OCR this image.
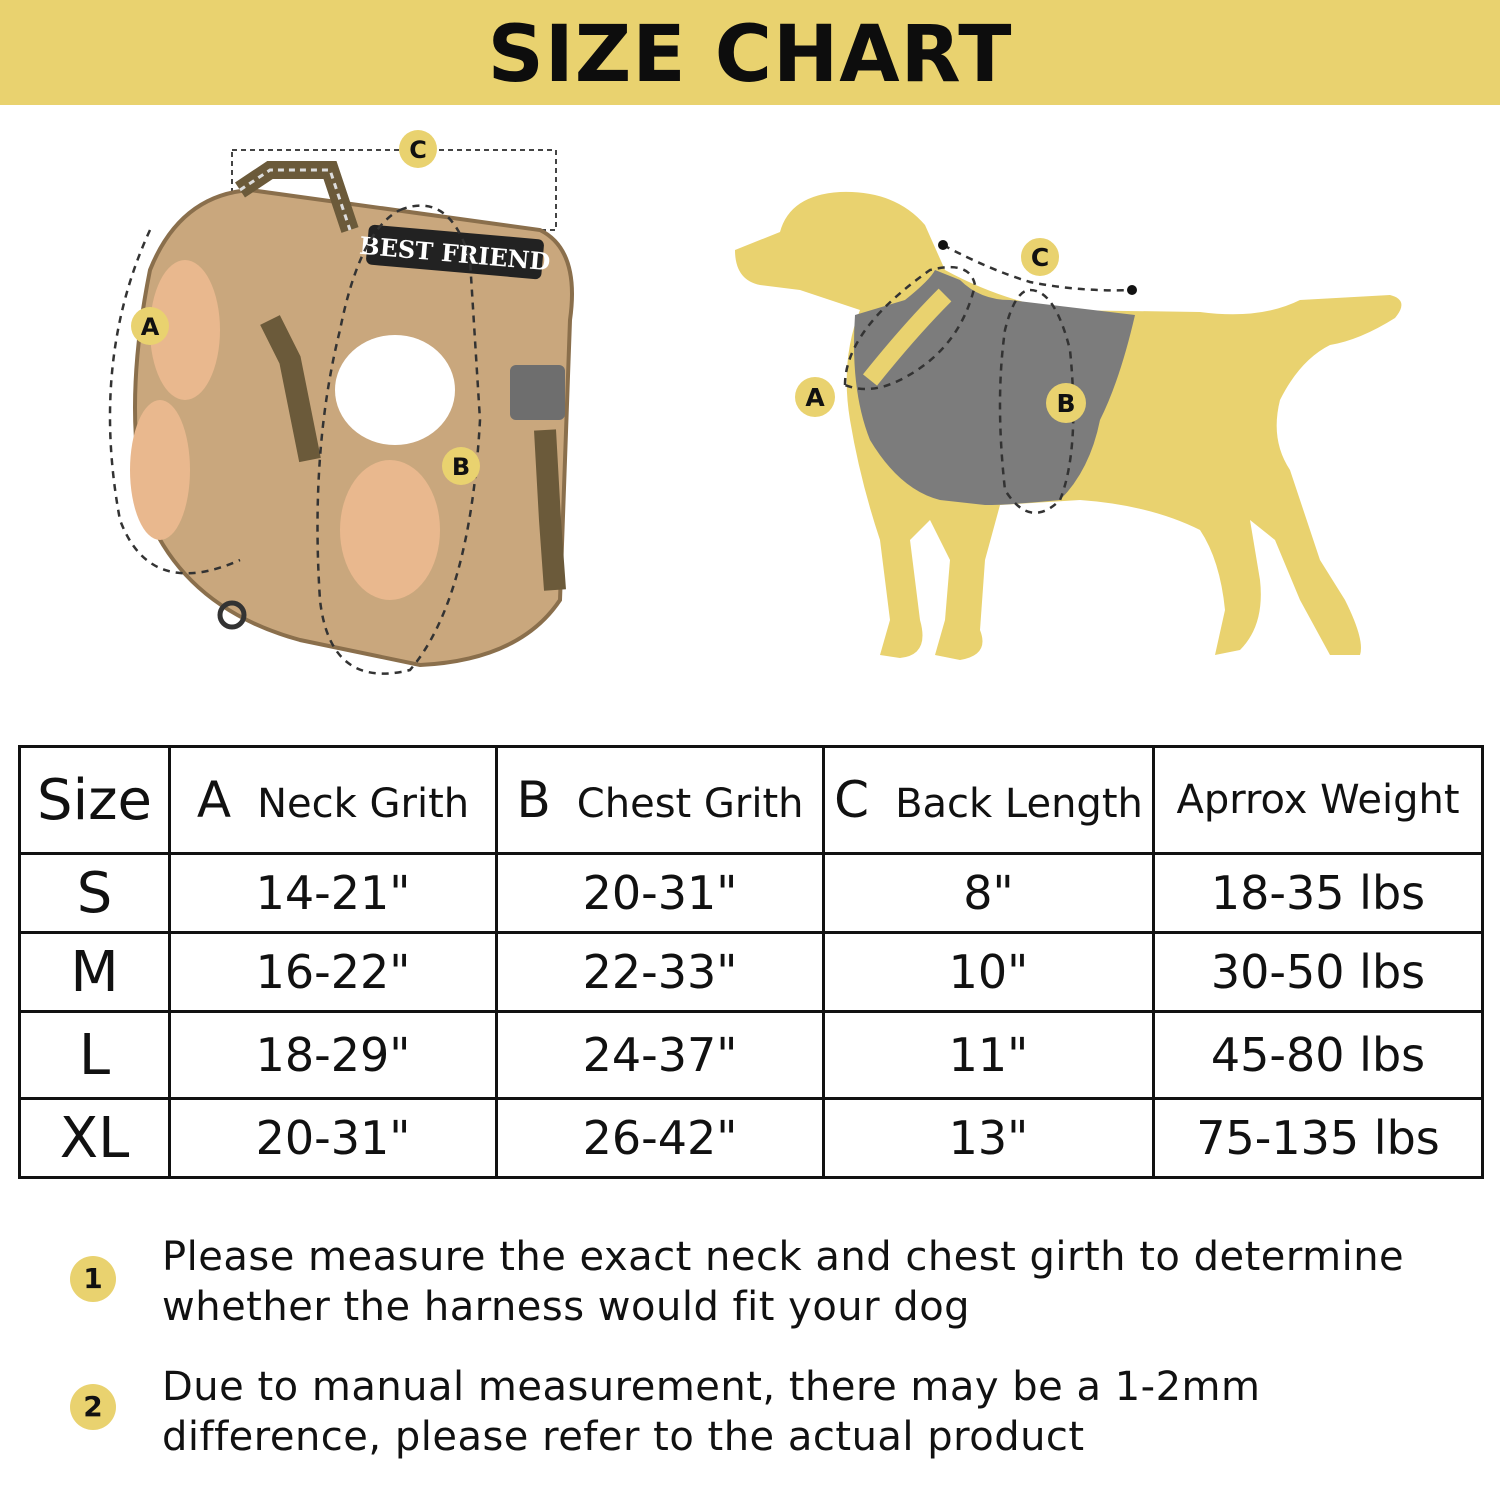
SIZE CHART
BEST FRIEND
C
A
B
C
A	B
Size	A Neck Grith	B Chest Grith	C Back Length	Aprrox Weight
S	14-21"	20-31"	8"	18-35 lbs
M	16-22"	22-33"	10"	30-50 lbs
L	18-29"	24-37"	11"	45-80 lbs
XL	20-31"	26-42"	13"	75-135 lbs
1	Please measure the exact neck and chest girth to determine whether the harness would fit your dog
2	Due to manual measurement, there may be a 1-2mm difference, please refer to the actual product
